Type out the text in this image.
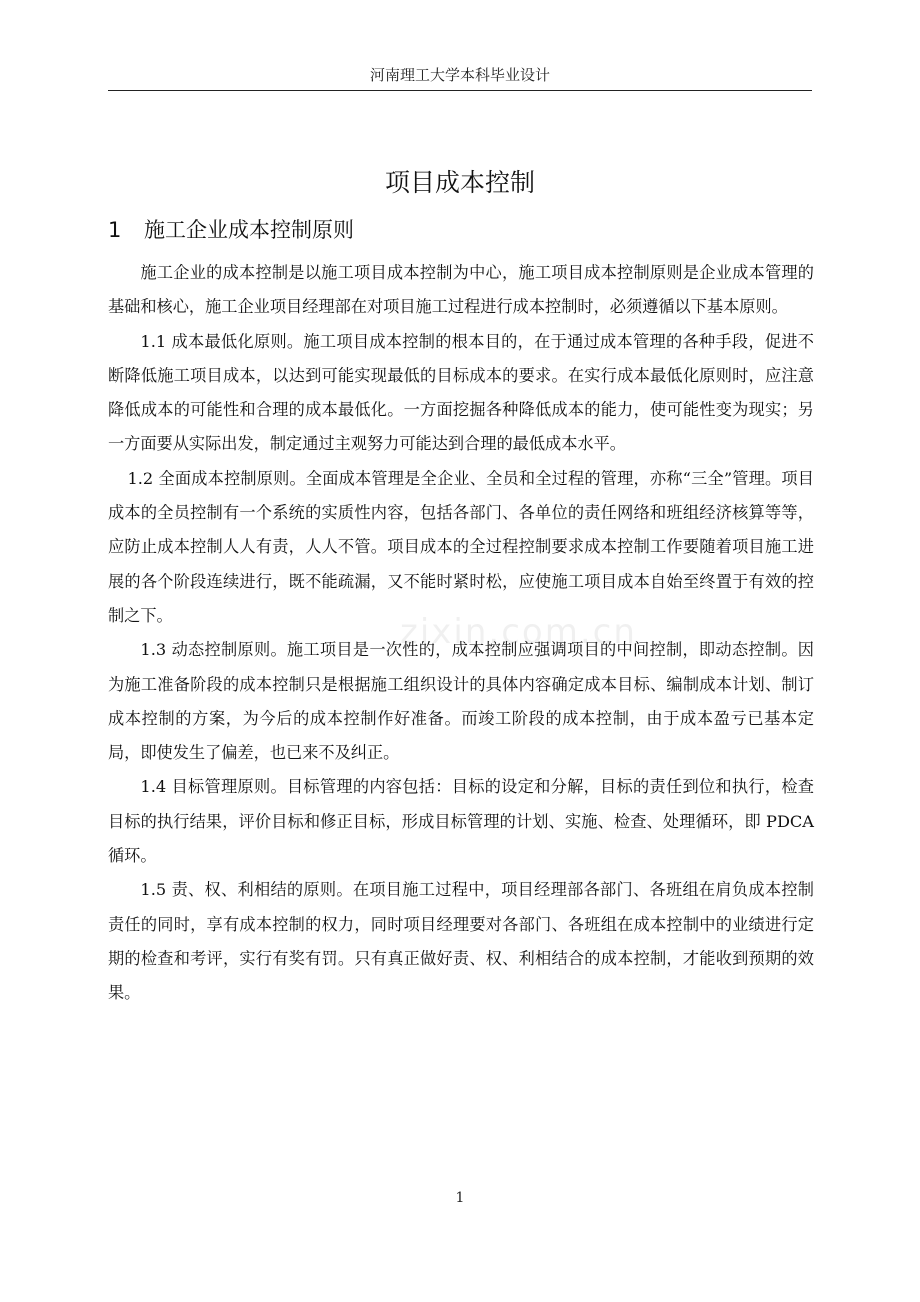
河南理工大学本科毕业设计
项目成本控制
1 施工企业成本控制原则

施工企业的成本控制是以施工项目成本控制为中心，施工项目成本控制原则是企业成本管理的基础和核心，施工企业项目经理部在对项目施工过程进行成本控制时，必须遵循以下基本原则。

1.1 成本最低化原则。施工项目成本控制的根本目的，在于通过成本管理的各种手段，促进不断降低施工项目成本，以达到可能实现最低的目标成本的要求。在实行成本最低化原则时，应注意降低成本的可能性和合理的成本最低化。一方面挖掘各种降低成本的能力，使可能性变为现实；另一方面要从实际出发，制定通过主观努力可能达到合理的最低成本水平。

1.2 全面成本控制原则。全面成本管理是全企业、全员和全过程的管理，亦称“三全”管理。项目成本的全员控制有一个系统的实质性内容，包括各部门、各单位的责任网络和班组经济核算等等，应防止成本控制人人有责，人人不管。项目成本的全过程控制要求成本控制工作要随着项目施工进展的各个阶段连续进行，既不能疏漏，又不能时紧时松，应使施工项目成本自始至终置于有效的控制之下。

1.3 动态控制原则。施工项目是一次性的，成本控制应强调项目的中间控制，即动态控制。因为施工准备阶段的成本控制只是根据施工组织设计的具体内容确定成本目标、编制成本计划、制订成本控制的方案，为今后的成本控制作好准备。而竣工阶段的成本控制，由于成本盈亏已基本定局，即使发生了偏差，也已来不及纠正。

1.4 目标管理原则。目标管理的内容包括：目标的设定和分解，目标的责任到位和执行，检查目标的执行结果，评价目标和修正目标，形成目标管理的计划、实施、检查、处理循环，即 PDCA 循环。

1.5 责、权、利相结的原则。在项目施工过程中，项目经理部各部门、各班组在肩负成本控制责任的同时，享有成本控制的权力，同时项目经理要对各部门、各班组在成本控制中的业绩进行定期的检查和考评，实行有奖有罚。只有真正做好责、权、利相结合的成本控制，才能收到预期的效果。

zixin.com.cn
1
